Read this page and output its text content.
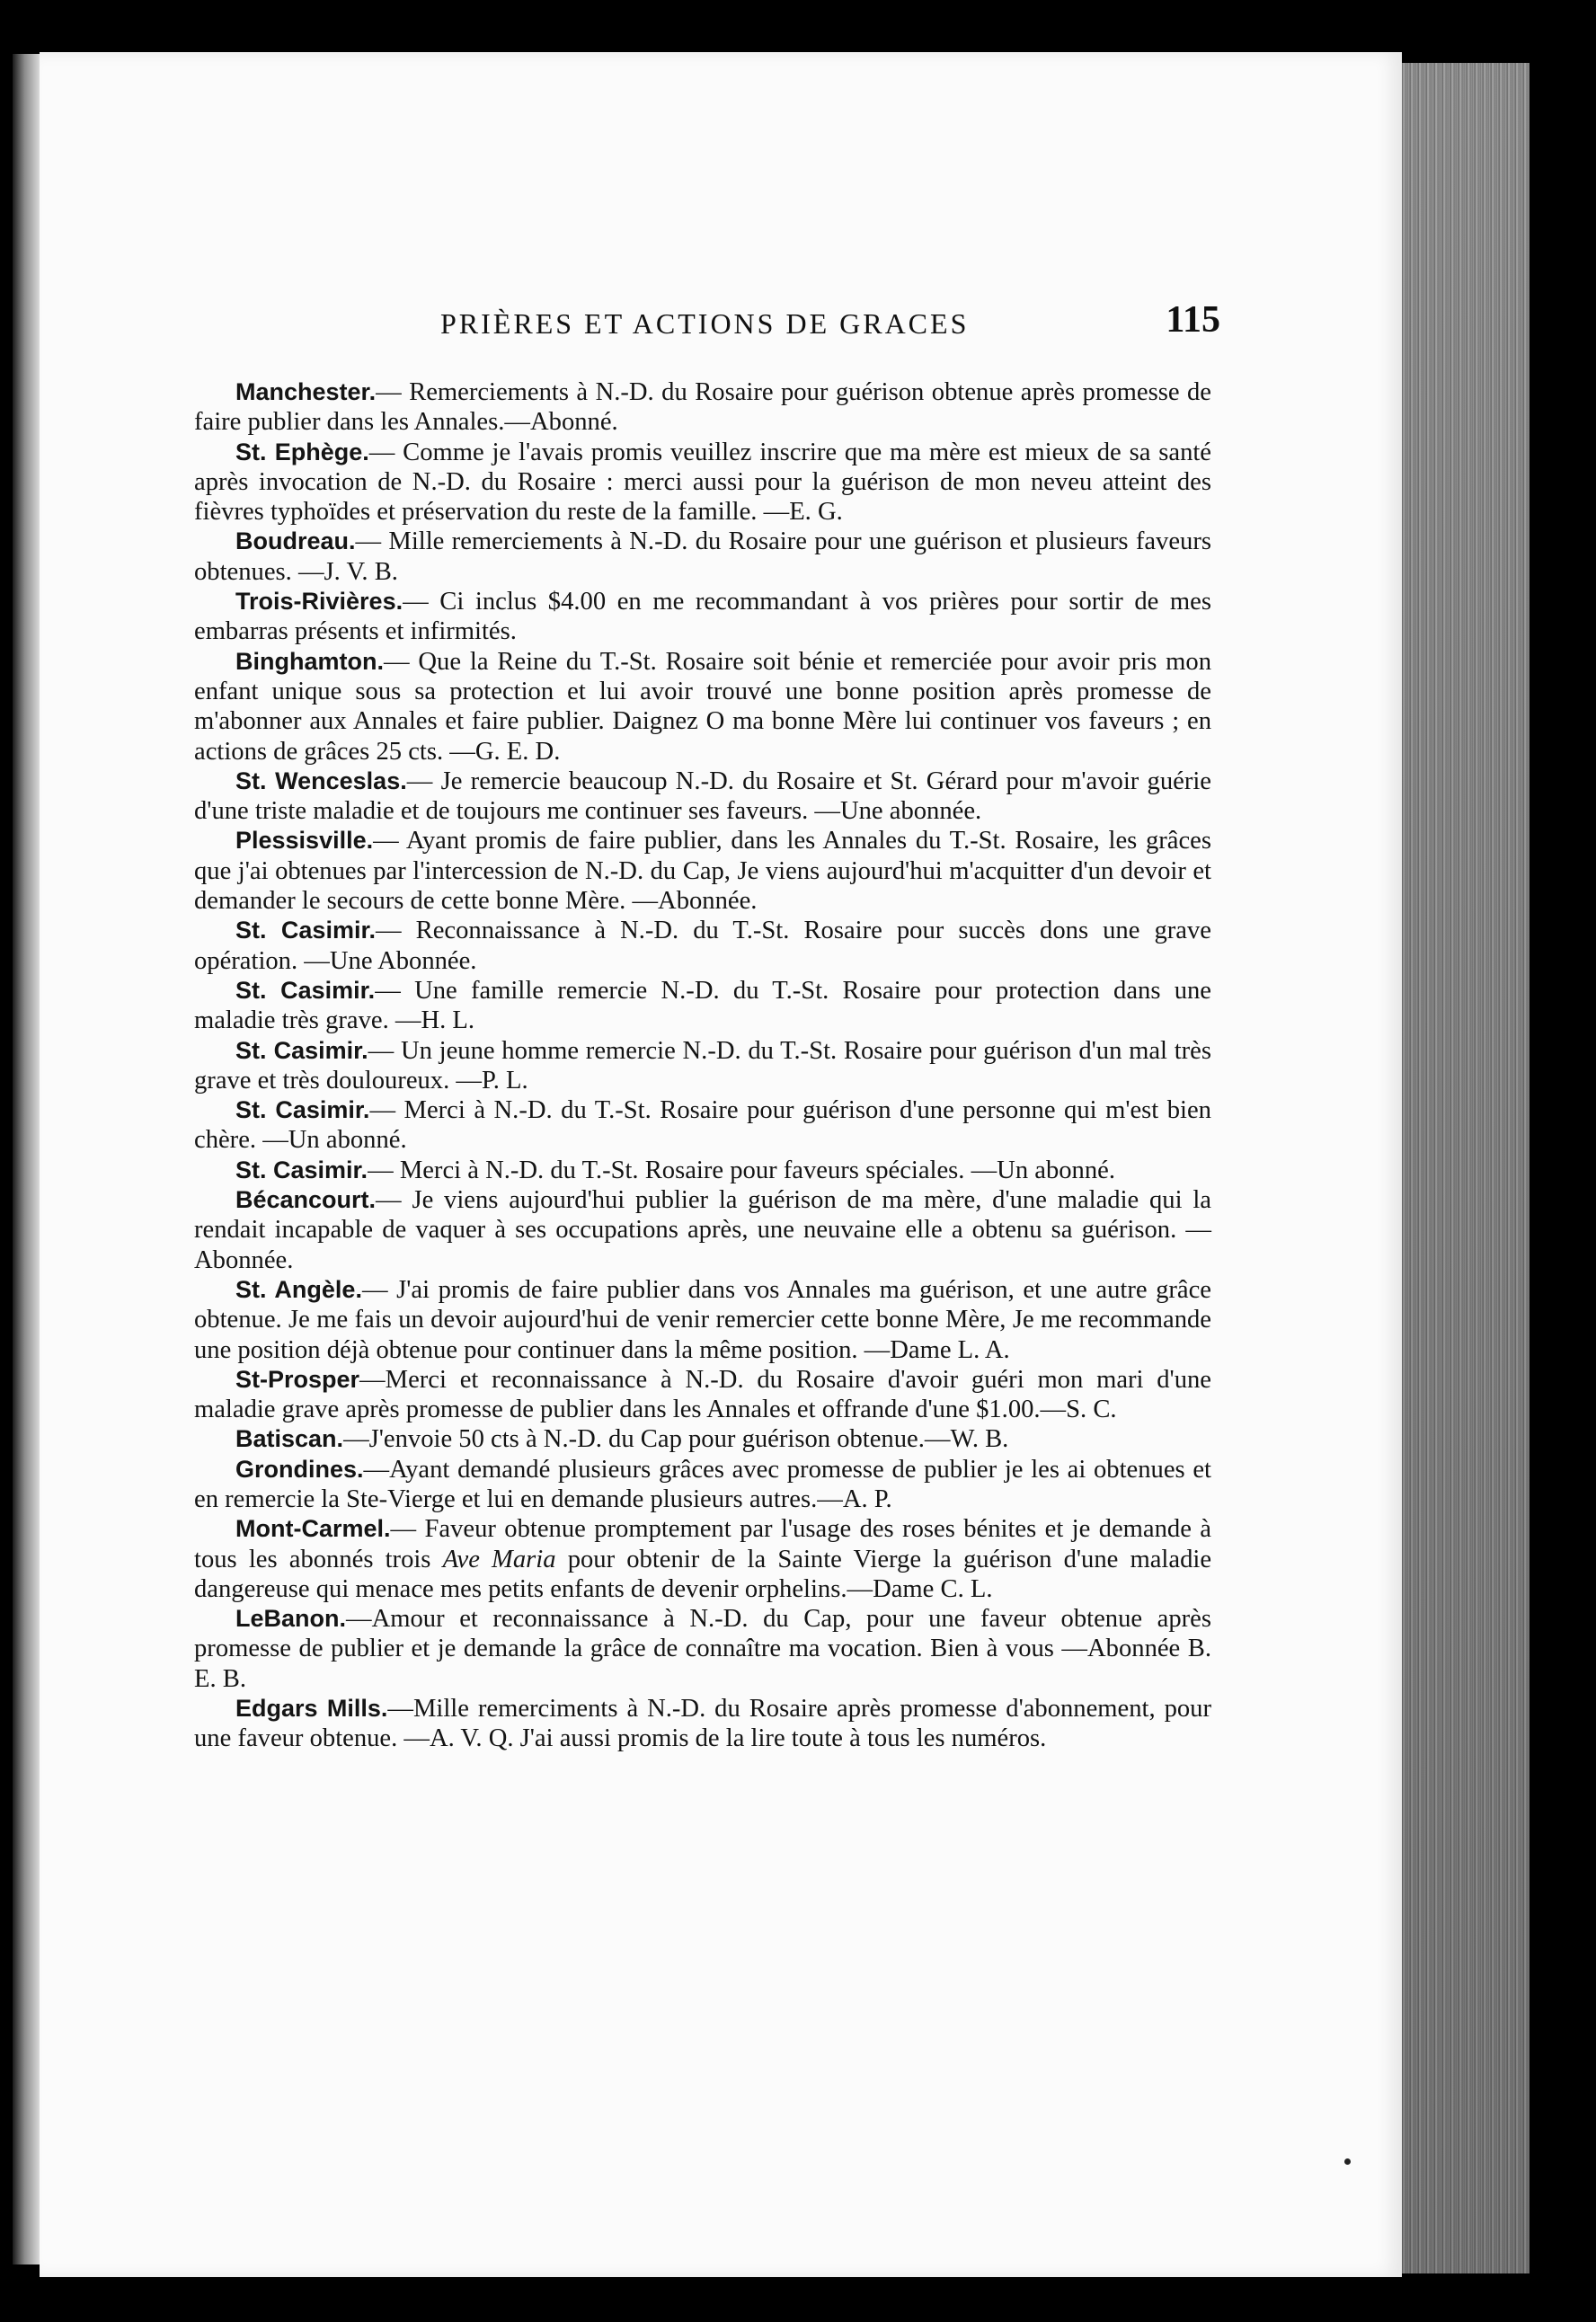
PRIÈRES ET ACTIONS DE GRACES	115

Manchester.— Remerciements à N.-D. du Rosaire pour guérison obtenue après promesse de faire publier dans les Annales.—Abonné.

St. Ephège.— Comme je l'avais promis veuillez inscrire que ma mère est mieux de sa santé après invocation de N.-D. du Rosaire : merci aussi pour la guérison de mon neveu atteint des fièvres typhoïdes et préservation du reste de la famille. —E. G.

Boudreau.— Mille remerciements à N.-D. du Rosaire pour une guérison et plusieurs faveurs obtenues. —J. V. B.

Trois-Rivières.— Ci inclus $4.00 en me recommandant à vos prières pour sortir de mes embarras présents et infirmités.

Binghamton.— Que la Reine du T.-St. Rosaire soit bénie et remerciée pour avoir pris mon enfant unique sous sa protection et lui avoir trouvé une bonne position après promesse de m'abonner aux Annales et faire publier. Daignez O ma bonne Mère lui continuer vos faveurs ; en actions de grâces 25 cts. —G. E. D.

St. Wenceslas.— Je remercie beaucoup N.-D. du Rosaire et St. Gérard pour m'avoir guérie d'une triste maladie et de toujours me continuer ses faveurs. —Une abonnée.

Plessisville.— Ayant promis de faire publier, dans les Annales du T.-St. Rosaire, les grâces que j'ai obtenues par l'intercession de N.-D. du Cap, Je viens aujourd'hui m'acquitter d'un devoir et demander le secours de cette bonne Mère. —Abonnée.

St. Casimir.— Reconnaissance à N.-D. du T.-St. Rosaire pour succès dons une grave opération. —Une Abonnée.

St. Casimir.— Une famille remercie N.-D. du T.-St. Rosaire pour protection dans une maladie très grave. —H. L.

St. Casimir.— Un jeune homme remercie N.-D. du T.-St. Rosaire pour guérison d'un mal très grave et très douloureux. —P. L.

St. Casimir.— Merci à N.-D. du T.-St. Rosaire pour guérison d'une personne qui m'est bien chère. —Un abonné.

St. Casimir.— Merci à N.-D. du T.-St. Rosaire pour faveurs spéciales. —Un abonné.

Bécancourt.— Je viens aujourd'hui publier la guérison de ma mère, d'une maladie qui la rendait incapable de vaquer à ses occupations après, une neuvaine elle a obtenu sa guérison. —Abonnée.

St. Angèle.— J'ai promis de faire publier dans vos Annales ma guérison, et une autre grâce obtenue. Je me fais un devoir aujourd'hui de venir remercier cette bonne Mère, Je me recommande une position déjà obtenue pour continuer dans la même position. —Dame L. A.

St-Prosper—Merci et reconnaissance à N.-D. du Rosaire d'avoir guéri mon mari d'une maladie grave après promesse de publier dans les Annales et offrande d'une $1.00.—S. C.

Batiscan.—J'envoie 50 cts à N.-D. du Cap pour guérison obtenue.—W. B.

Grondines.—Ayant demandé plusieurs grâces avec promesse de publier je les ai obtenues et en remercie la Ste-Vierge et lui en demande plusieurs autres.—A. P.

Mont-Carmel.— Faveur obtenue promptement par l'usage des roses bénites et je demande à tous les abonnés trois Ave Maria pour obtenir de la Sainte Vierge la guérison d'une maladie dangereuse qui menace mes petits enfants de devenir orphelins.—Dame C. L.

LeBanon.—Amour et reconnaissance à N.-D. du Cap, pour une faveur obtenue après promesse de publier et je demande la grâce de connaître ma vocation. Bien à vous —Abonnée B. E. B.

Edgars Mills.—Mille remerciments à N.-D. du Rosaire après promesse d'abonnement, pour une faveur obtenue. —A. V. Q. J'ai aussi promis de la lire toute à tous les numéros.
